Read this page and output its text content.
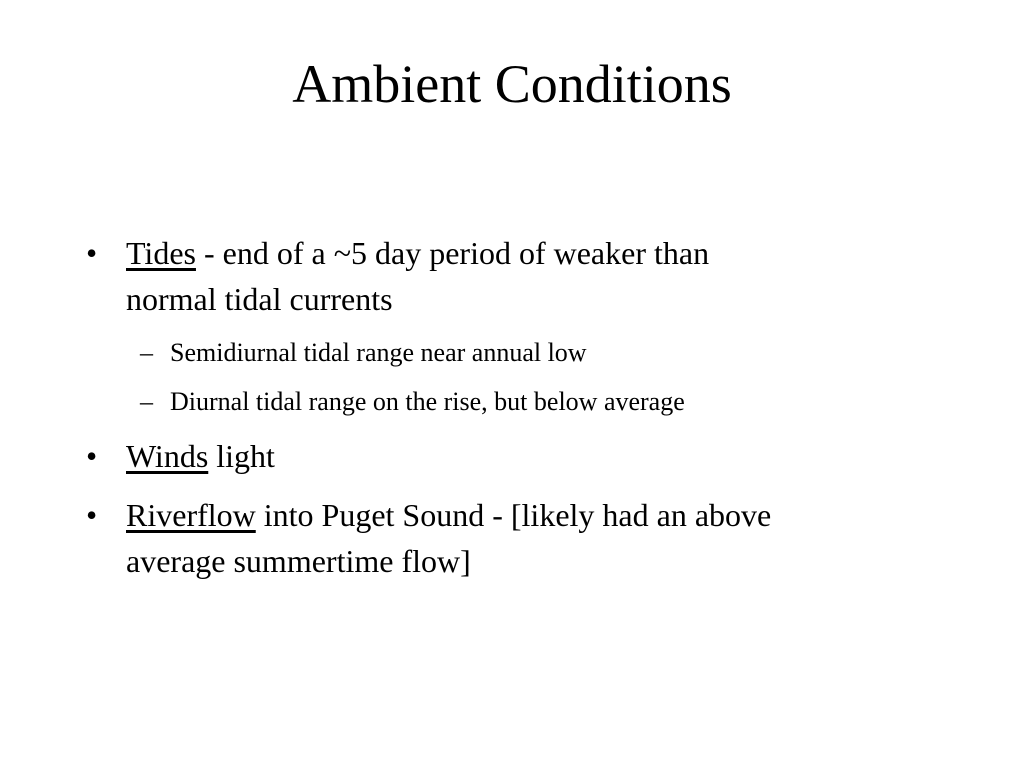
Ambient Conditions
• Tides - end of a ~5 day period of weaker than
normal tidal currents
– Semidiurnal tidal range near annual low
– Diurnal tidal range on the rise, but below average
• Winds light
• Riverflow into Puget Sound - [likely had an above
average summertime flow]
